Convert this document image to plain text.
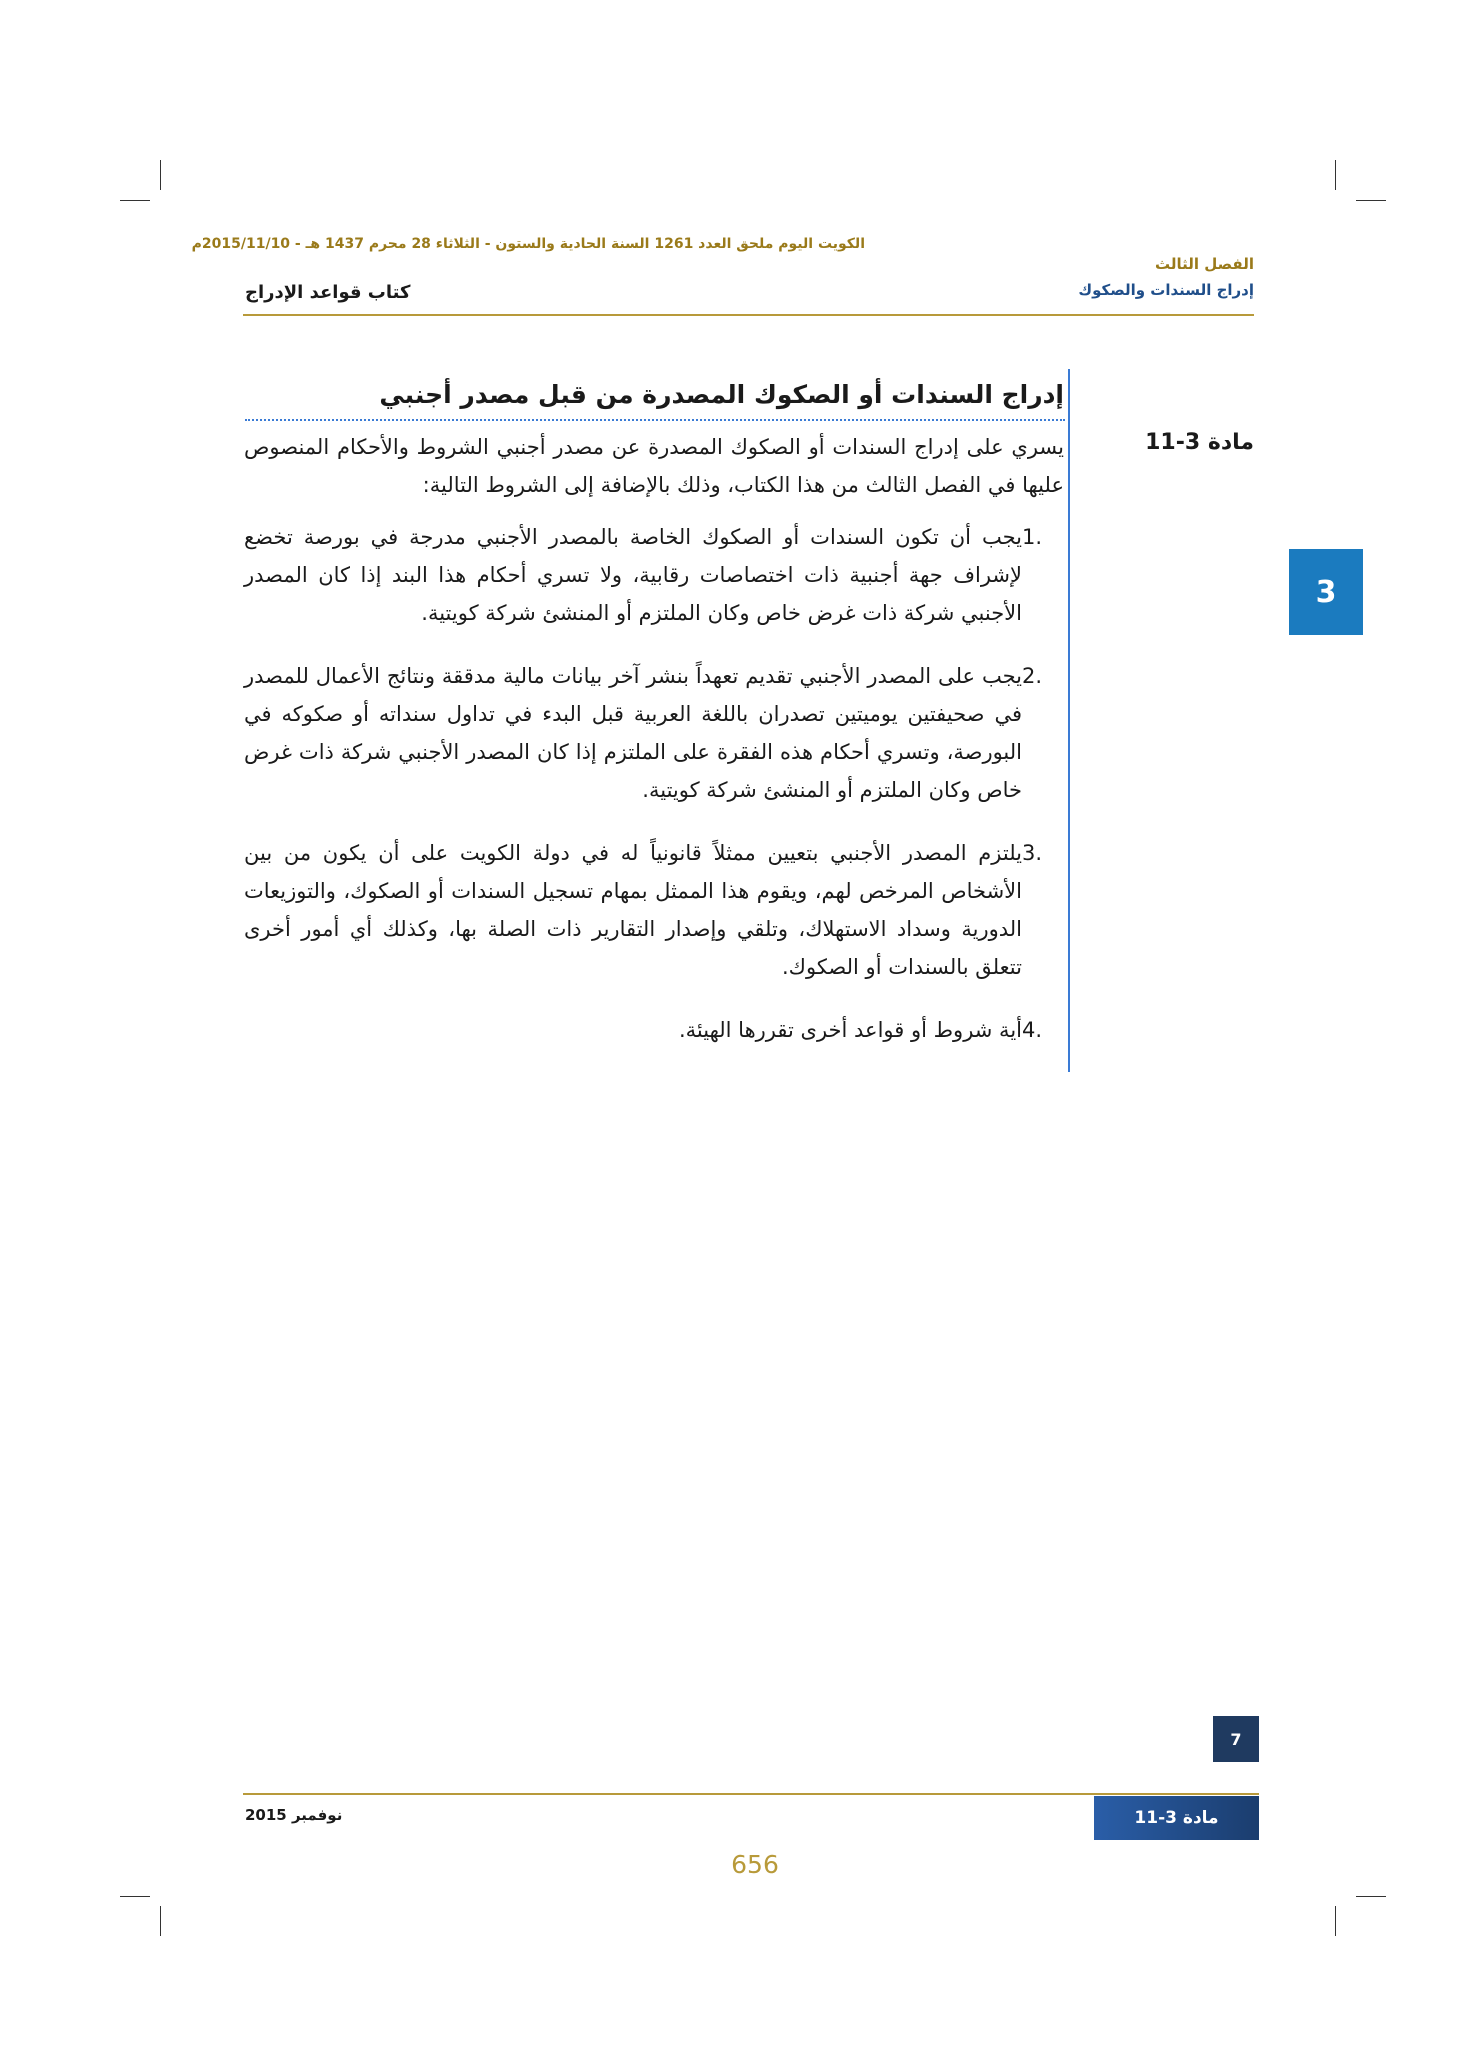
الكويت اليوم ملحق العدد 1261 السنة الحادية والستون - الثلاثاء 28 محرم 1437 هـ - 2015/11/10م
الفصل الثالث
إدراج السندات والصكوك
كتاب قواعد الإدراج
إدراج السندات أو الصكوك المصدرة من قبل مصدر أجنبي
مادة 3-11

يسري على إدراج السندات أو الصكوك المصدرة عن مصدر أجنبي الشروط والأحكام المنصوص عليها في الفصل الثالث من هذا الكتاب، وذلك بالإضافة إلى الشروط التالية:

1.
يجب أن تكون السندات أو الصكوك الخاصة بالمصدر الأجنبي مدرجة في بورصة تخضع لإشراف جهة أجنبية ذات اختصاصات رقابية، ولا تسري أحكام هذا البند إذا كان المصدر الأجنبي شركة ذات غرض خاص وكان الملتزم أو المنشئ شركة كويتية.
2.
يجب على المصدر الأجنبي تقديم تعهداً بنشر آخر بيانات مالية مدققة ونتائج الأعمال للمصدر في صحيفتين يوميتين تصدران باللغة العربية قبل البدء في تداول سنداته أو صكوكه في البورصة، وتسري أحكام هذه الفقرة على الملتزم إذا كان المصدر الأجنبي شركة ذات غرض خاص وكان الملتزم أو المنشئ شركة كويتية.
3.
يلتزم المصدر الأجنبي بتعيين ممثلاً قانونياً له في دولة الكويت على أن يكون من بين الأشخاص المرخص لهم، ويقوم هذا الممثل بمهام تسجيل السندات أو الصكوك، والتوزيعات الدورية وسداد الاستهلاك، وتلقي وإصدار التقارير ذات الصلة بها، وكذلك أي أمور أخرى تتعلق بالسندات أو الصكوك.
4.
أية شروط أو قواعد أخرى تقررها الهيئة.
3
7
نوفمبر 2015	مادة 3-11
656
